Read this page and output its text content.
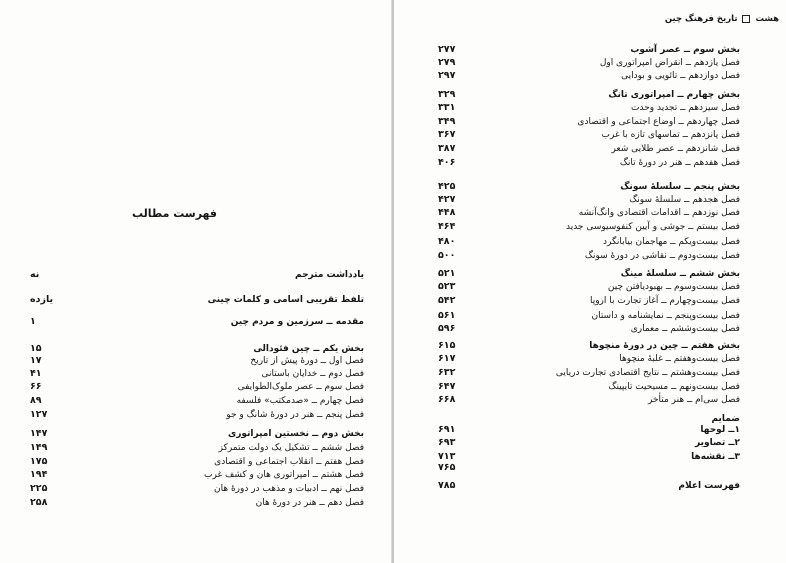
فهرست مطالب
یادداشت مترجم
نه
تلفظ تقریبی اسامی و کلمات چینی
یازده
مقدمه ــ سرزمین و مردم چین
۱
بخش یکم ــ چین فئودالی
۱۵
فصل اول ــ دورهٔ پیش از تاریخ
۱۷
فصل دوم ــ خدایان باستانی
۴۱
فصل سوم ــ عصر ملوک‌الطوایفی
۶۶
فصل چهارم ــ «صدمکتب» فلسفه
۸۹
فصل پنجم ــ هنر در دورهٔ شانگ و جو
۱۲۷
بخش دوم ــ نخستین امپراتوری
۱۴۷
فصل ششم ــ تشکیل یک دولت متمرکز
۱۴۹
فصل هفتم ــ انقلاب اجتماعی و اقتصادی
۱۷۵
فصل هشتم ــ امپراتوری هان و کشف غرب
۱۹۴
فصل نهم ــ ادبیات و مذهب در دورهٔ هان
۲۲۵
فصل دهم ــ هنر در دورهٔ هان
۲۵۸
هشت  تاریخ فرهنگ چین
بخش سوم ــ عصر آشوب
۲۷۷
فصل یازدهم ــ انقراض امپراتوری اول
۲۷۹
فصل دوازدهم ــ تائویی و بودایی
۲۹۷
بخش چهارم ــ امپراتوری تانگ
۳۲۹
فصل سیزدهم ــ تجدید وحدت
۳۳۱
فصل چهاردهم ــ اوضاع اجتماعی و اقتصادی
۳۴۹
فصل پانزدهم ــ تماسهای تازه با غرب
۳۶۷
فصل شانزدهم ــ عصر طلایی شعر
۳۸۷
فصل هفدهم ــ هنر در دورهٔ تانگ
۴۰۶
بخش پنجم ــ سلسلهٔ سونگ
۴۲۵
فصل هجدهم ــ سلسلهٔ سونگ
۴۲۷
فصل نوزدهم ــ اقدامات اقتصادی وانگ‌آنشه
۴۴۸
فصل بیستم ــ جوشی و آیین کنفوسیوسی جدید
۴۶۴
فصل بیست‌ویکم ــ مهاجمان بیابانگرد
۴۸۰
فصل بیست‌ودوم ــ نقاشی در دورهٔ سونگ
۵۰۰
بخش ششم ــ سلسلهٔ مینگ
۵۲۱
فصل بیست‌وسوم ــ بهبودیافتن چین
۵۲۳
فصل بیست‌وچهارم ــ آغاز تجارت با اروپا
۵۴۲
فصل بیست‌وپنجم ــ نمایشنامه و داستان
۵۶۱
فصل بیست‌وششم ــ معماری
۵۹۶
بخش هفتم ــ چین در دورهٔ منچوها
۶۱۵
فصل بیست‌وهفتم ــ غلبهٔ منچوها
۶۱۷
فصل بیست‌وهشتم ــ نتایج اقتصادی تجارت دریایی
۶۳۲
فصل بیست‌ونهم ــ مسیحیت تایپینگ
۶۴۷
فصل سی‌ام ــ هنر متأخر
۶۶۸
ضمایم
۱ــ لوحها
۶۹۱
۲ــ تصاویر
۶۹۳
۳ــ نقشه‌ها
۷۱۳
۷۶۵
فهرست اعلام
۷۸۵
